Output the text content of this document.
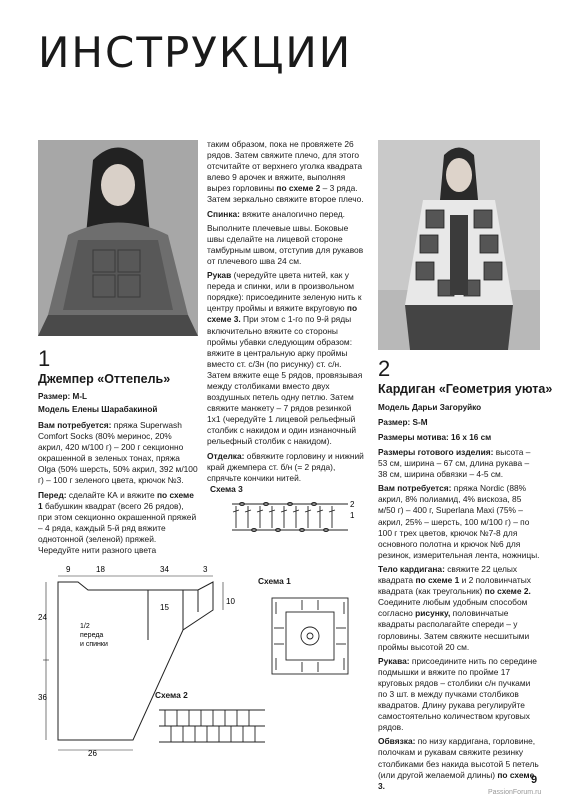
ИНСТРУКЦИИ
1
Джемпер «Оттепель»
Размер: M-L
Модель Елены Шарабакиной

Вам потребуется: пряжа Superwash Comfort Socks (80% меринос, 20% акрил, 420 м/100 г) – 200 г секционно окрашенной в зеленых тонах, пряжа Olga (50% шерсть, 50% акрил, 392 м/100 г) – 100 г зеленого цвета, крючок №3.

Перед: сделайте КА и вяжите по схеме 1 бабушкин квадрат (всего 26 рядов), при этом секционно окрашенной пряжей – 4 ряда, каждый 5-й ряд вяжите однотонной (зеленой) пряжей. Чередуйте нити разного цвета

таким образом, пока не провяжете 26 рядов. Затем свяжите плечо, для этого отсчитайте от верхнего уголка квадрата влево 9 арочек и вяжите, выполняя вырез горловины по схеме 2 – 3 ряда. Затем зеркально свяжите второе плечо.

Спинка: вяжите аналогично перед.

Выполните плечевые швы. Боковые швы сделайте на лицевой стороне тамбурным швом, отступив для рукавов от плечевого шва 24 см.

Рукав (чередуйте цвета нитей, как у переда и спинки, или в произвольном порядке): присоедините зеленую нить к центру проймы и вяжите вкруговую по схеме 3. При этом с 1-го по 9-й ряды включительно вяжите со стороны проймы убавки следующим образом: вяжите в центральную арку проймы вместо ст. с/3н (по рисунку) ст. с/н. Затем вяжите еще 5 рядов, провязывая между столбиками вместо двух воздушных петель одну петлю. Затем свяжите манжету – 7 рядов резинкой 1х1 (чередуйте 1 лицевой рельефный столбик с накидом и один изнаночный рельефный столбик с накидом).

Отделка: обвяжите горловину и нижний край джемпера ст. б/н (= 2 ряда), спрячьте кончики нитей.

2
Кардиган «Геометрия уюта»
Модель Дарьи Загоруйко
Размер: S-M
Размеры мотива: 16 х 16 см

Размеры готового изделия: высота – 53 см, ширина – 67 см, длина рукава – 38 см, ширина обвязки – 4-5 см.

Вам потребуется: пряжа Nordic (88% акрил, 8% полиамид, 4% вискоза, 85 м/50 г) – 400 г, Superlana Maxi (75% – акрил, 25% – шерсть, 100 м/100 г) – по 100 г трех цветов, крючок №7-8 для основного полотна и крючок №6 для резинок, измерительная лента, ножницы.

Тело кардигана: свяжите 22 целых квадрата по схеме 1 и 2 половинчатых квадрата (как треугольник) по схеме 2. Соедините любым удобным способом согласно рисунку, половинчатые квадраты располагайте спереди – у горловины. Затем свяжите несшитыми проймы высотой 20 см.

Рукава: присоедините нить по середине подмышки и вяжите по пройме 17 круговых рядов – столбики с/н пучками по 3 шт. в между пучками столбиков квадратов. Длину рукава регулируйте самостоятельно количеством круговых рядов.

Обвязка: по низу кардигана, горловине, полочкам и рукавам свяжите резинку столбиками без накида высотой 5 петель (или другой желаемой длины) по схеме 3.

Схема 3
2
1
9	18	34	3
24
36
26
15
10
1/2
переда
и спинки
Схема 1
Схема 2
9
PassionForum.ru
